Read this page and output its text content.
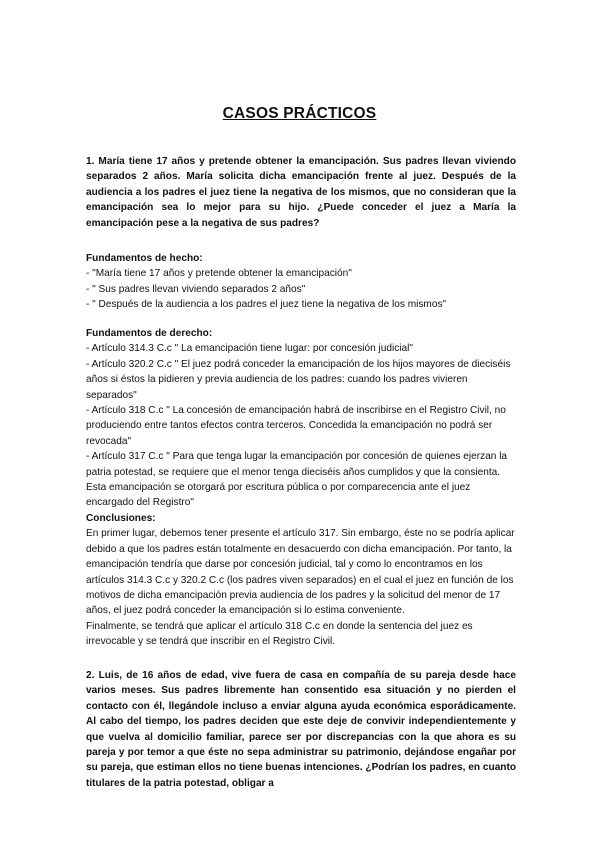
CASOS PRÁCTICOS

1. María tiene 17 años y pretende obtener la emancipación. Sus padres llevan viviendo separados 2 años. María solicita dicha emancipación frente al juez. Después de la audiencia a los padres el juez tiene la negativa de los mismos, que no consideran que la emancipación sea lo mejor para su hijo. ¿Puede conceder el juez a María la emancipación pese a la negativa de sus padres?

Fundamentos de hecho:

- "María tiene 17 años y pretende obtener la emancipación"
- " Sus padres llevan viviendo separados 2 años"
- " Después de la audiencia a los padres el juez tiene la negativa de los mismos"

Fundamentos de derecho:

- Artículo 314.3 C.c " La emancipación tiene lugar: por concesión judicial"
- Artículo 320.2 C.c " El juez podrá conceder la emancipación de los hijos mayores de dieciséis años si éstos la pidieren y previa audiencia de los padres: cuando los padres vivieren separados"
- Artículo 318 C.c " La concesión de emancipación habrá de inscribirse en el Registro Civil, no produciendo entre tantos efectos contra terceros. Concedida la emancipación no podrá ser revocada"
- Artículo 317 C.c " Para que tenga lugar la emancipación por concesión de quienes ejerzan la patria potestad, se requiere que el menor tenga dieciséis años cumplidos y que la consienta. Esta emancipación se otorgará por escritura pública o por comparecencia ante el juez encargado del Registro"

Conclusiones:

En primer lugar, debemos tener presente el artículo 317. Sin embargo, éste no se podría aplicar debido a que los padres están totalmente en desacuerdo con dicha emancipación. Por tanto, la emancipación tendría que darse por concesión judicial, tal y como lo encontramos en los artículos 314.3 C.c y 320.2 C.c (los padres viven separados) en el cual el juez en función de los motivos de dicha emancipación previa audiencia de los padres y la solicitud del menor de 17 años, el juez podrá conceder la emancipación si lo estima conveniente.

Finalmente, se tendrá que aplicar el artículo 318 C.c en donde la sentencia del juez es irrevocable y se tendrá que inscribir en el Registro Civil.

2. Luis, de 16 años de edad, vive fuera de casa en compañía de su pareja desde hace varios meses. Sus padres libremente han consentido esa situación y no pierden el contacto con él, llegándole incluso a enviar alguna ayuda económica esporádicamente. Al cabo del tiempo, los padres deciden que este deje de convivir independientemente y que vuelva al domicilio familiar, parece ser por discrepancias con la que ahora es su pareja y por temor a que éste no sepa administrar su patrimonio, dejándose engañar por su pareja, que estiman ellos no tiene buenas intenciones. ¿Podrían los padres, en cuanto titulares de la patria potestad, obligar a
